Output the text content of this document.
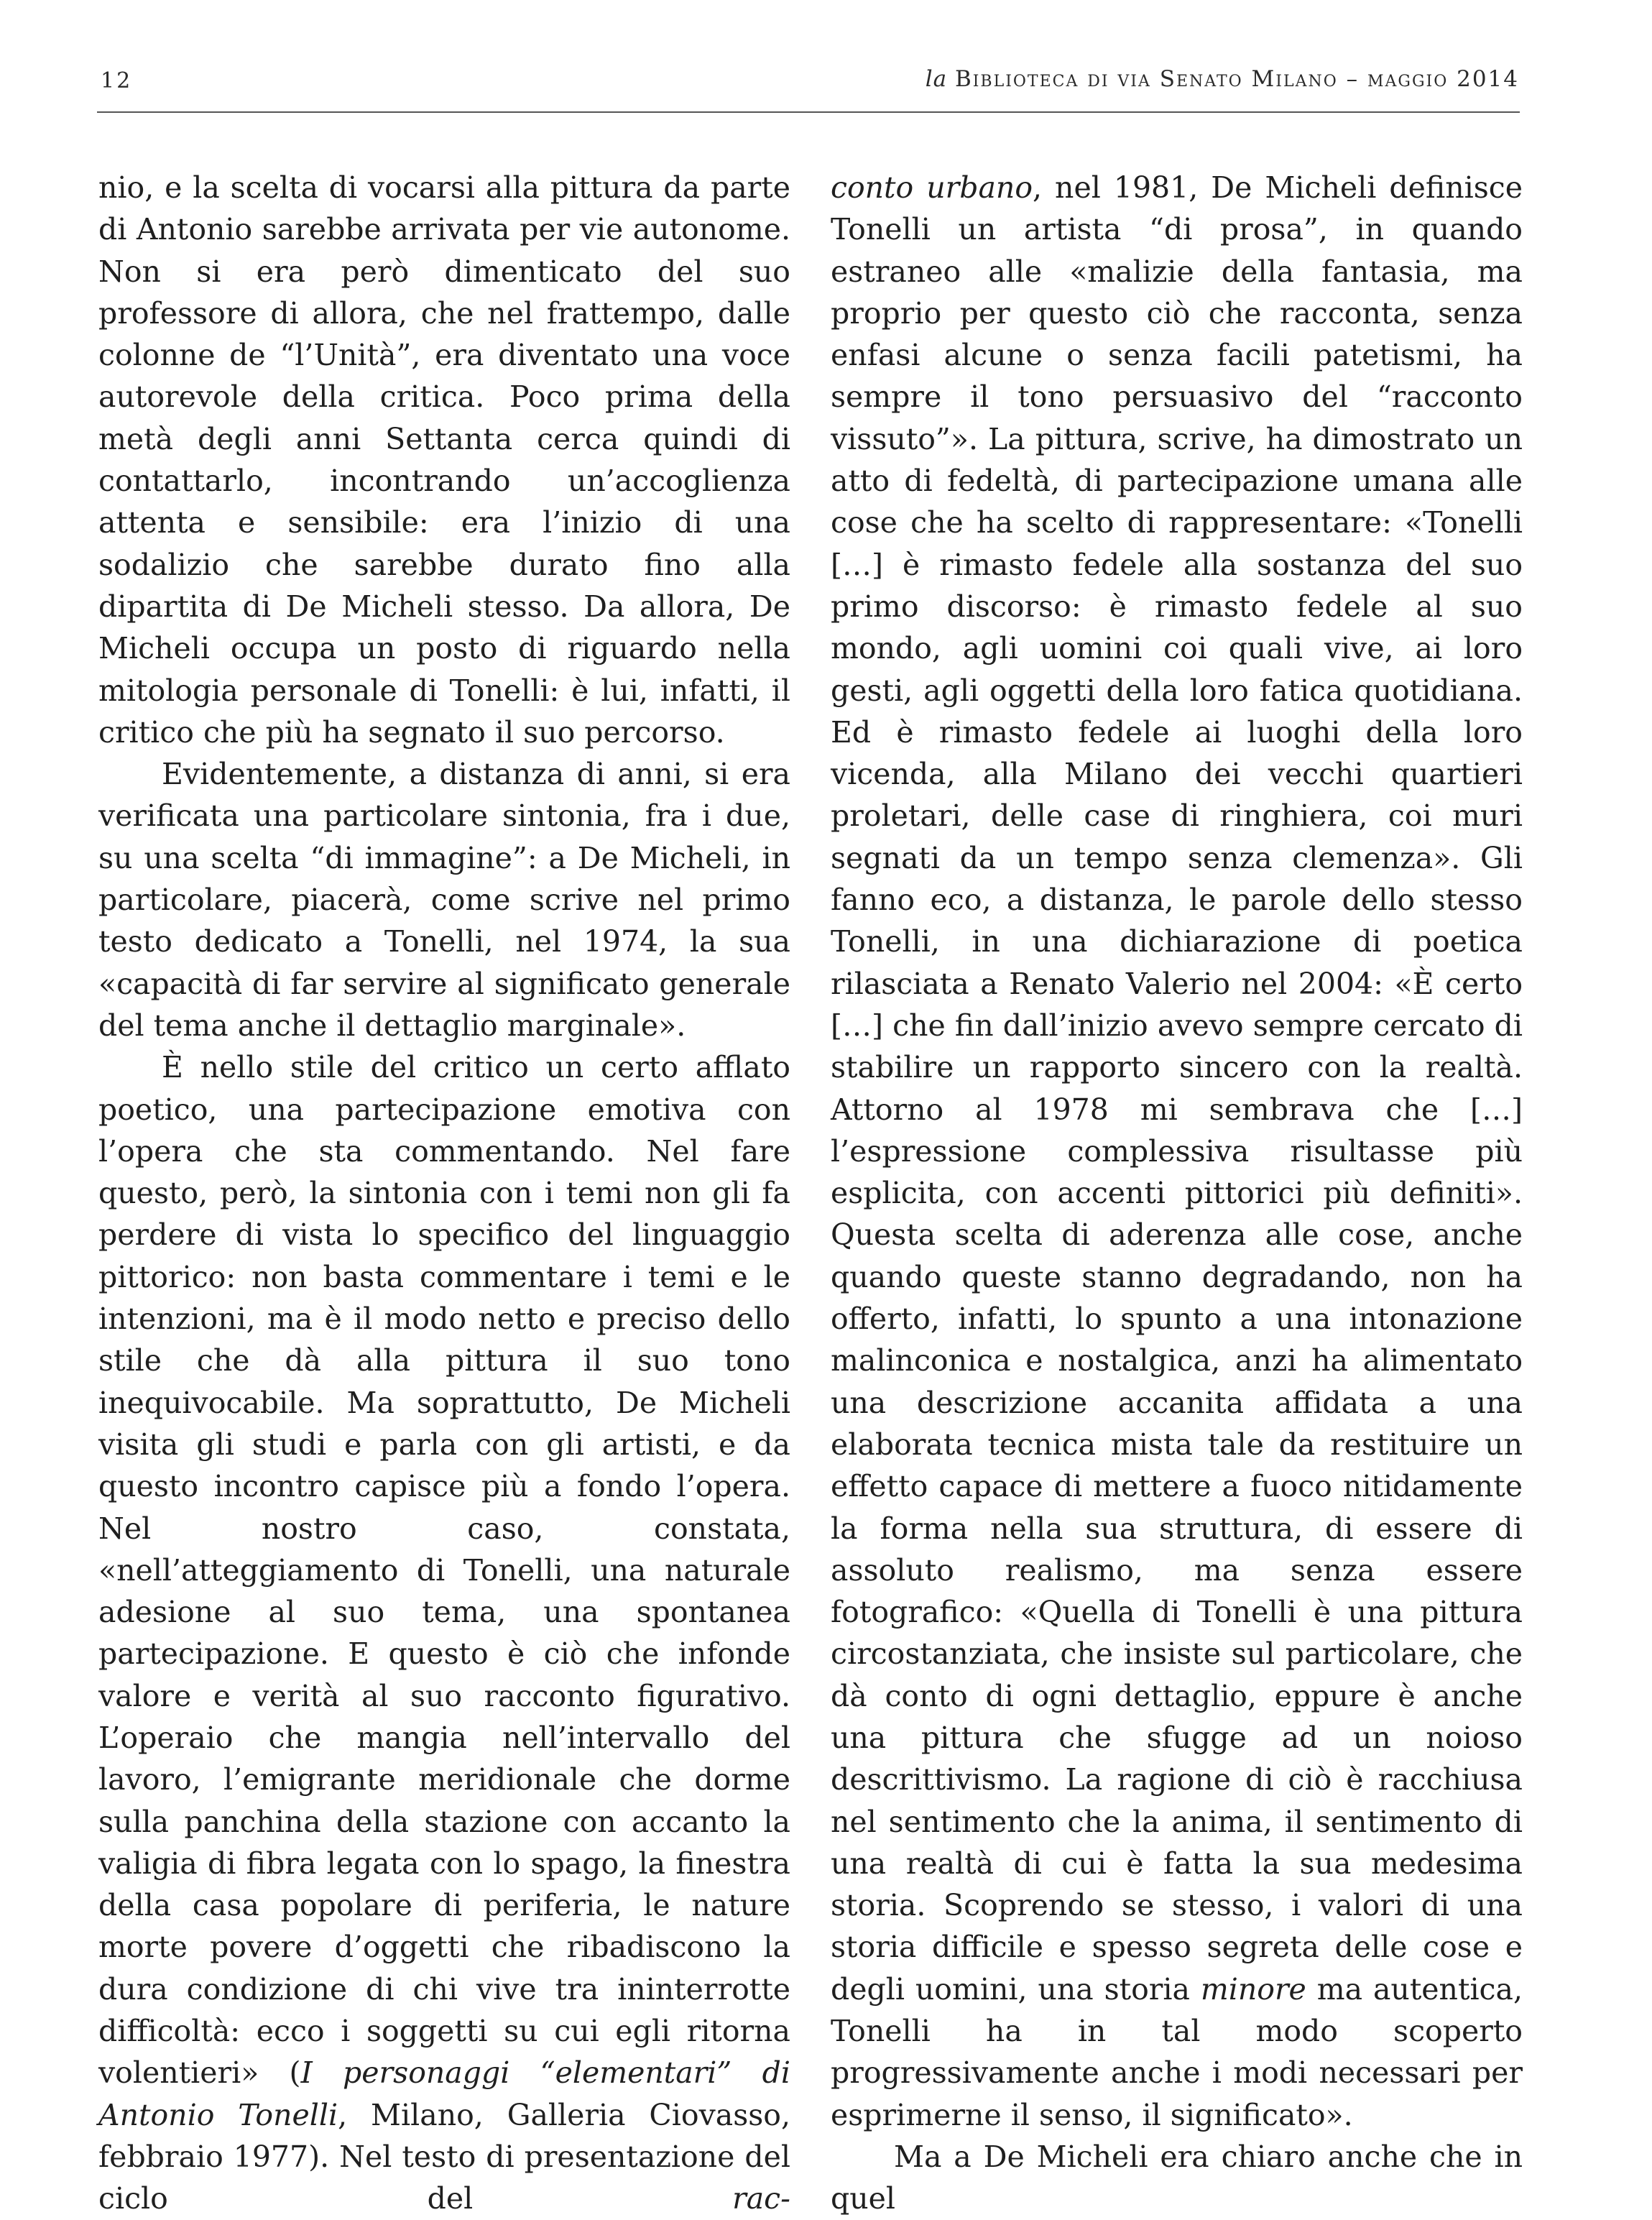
12	la Biblioteca di via Senato Milano – maggio 2014

nio, e la scelta di vocarsi alla pittura da parte di Antonio sarebbe arrivata per vie autonome. Non si era però dimenticato del suo professore di allora, che nel frattempo, dalle colonne de “l’Unità”, era diventato una voce autorevole della critica. Poco prima della metà degli anni Settanta cerca quindi di contattarlo, incontrando un’accoglienza attenta e sensibile: era l’inizio di una sodalizio che sarebbe durato fino alla dipartita di De Micheli stesso. Da allora, De Micheli occupa un posto di riguardo nella mitologia personale di Tonelli: è lui, infatti, il critico che più ha segnato il suo percorso.

Evidentemente, a distanza di anni, si era verificata una particolare sintonia, fra i due, su una scelta “di immagine”: a De Micheli, in particolare, piacerà, come scrive nel primo testo dedicato a Tonelli, nel 1974, la sua «capacità di far servire al significato generale del tema anche il dettaglio marginale».

È nello stile del critico un certo afflato poetico, una partecipazione emotiva con l’opera che sta commentando. Nel fare questo, però, la sintonia con i temi non gli fa perdere di vista lo specifico del linguaggio pittorico: non basta commentare i temi e le intenzioni, ma è il modo netto e preciso dello stile che dà alla pittura il suo tono inequivocabile. Ma soprattutto, De Micheli visita gli studi e parla con gli artisti, e da questo incontro capisce più a fondo l’opera. Nel nostro caso, constata, «nell’atteggiamento di Tonelli, una naturale adesione al suo tema, una spontanea partecipazione. E questo è ciò che infonde valore e verità al suo racconto figurativo. L’operaio che mangia nell’intervallo del lavoro, l’emigrante meridionale che dorme sulla panchina della stazione con accanto la valigia di fibra legata con lo spago, la finestra della casa popolare di periferia, le nature morte povere d’oggetti che ribadiscono la dura condizione di chi vive tra ininterrotte difficoltà: ecco i soggetti su cui egli ritorna volentieri» (I personaggi “elementari” di Antonio Tonelli, Milano, Galleria Ciovasso, febbraio 1977). Nel testo di presentazione del ciclo del rac-

conto urbano, nel 1981, De Micheli definisce Tonelli un artista “di prosa”, in quando estraneo alle «malizie della fantasia, ma proprio per questo ciò che racconta, senza enfasi alcune o senza facili patetismi, ha sempre il tono persuasivo del “racconto vissuto”». La pittura, scrive, ha dimostrato un atto di fedeltà, di partecipazione umana alle cose che ha scelto di rappresentare: «Tonelli […] è rimasto fedele alla sostanza del suo primo discorso: è rimasto fedele al suo mondo, agli uomini coi quali vive, ai loro gesti, agli oggetti della loro fatica quotidiana. Ed è rimasto fedele ai luoghi della loro vicenda, alla Milano dei vecchi quartieri proletari, delle case di ringhiera, coi muri segnati da un tempo senza clemenza». Gli fanno eco, a distanza, le parole dello stesso Tonelli, in una dichiarazione di poetica rilasciata a Renato Valerio nel 2004: «È certo […] che fin dall’inizio avevo sempre cercato di stabilire un rapporto sincero con la realtà. Attorno al 1978 mi sembrava che […] l’espressione complessiva risultasse più esplicita, con accenti pittorici più definiti». Questa scelta di aderenza alle cose, anche quando queste stanno degradando, non ha offerto, infatti, lo spunto a una intonazione malinconica e nostalgica, anzi ha alimentato una descrizione accanita affidata a una elaborata tecnica mista tale da restituire un effetto capace di mettere a fuoco nitidamente la forma nella sua struttura, di essere di assoluto realismo, ma senza essere fotografico: «Quella di Tonelli è una pittura circostanziata, che insiste sul particolare, che dà conto di ogni dettaglio, eppure è anche una pittura che sfugge ad un noioso descrittivismo. La ragione di ciò è racchiusa nel sentimento che la anima, il sentimento di una realtà di cui è fatta la sua medesima storia. Scoprendo se stesso, i valori di una storia difficile e spesso segreta delle cose e degli uomini, una storia minore ma autentica, Tonelli ha in tal modo scoperto progressivamente anche i modi necessari per esprimerne il senso, il significato».

Ma a De Micheli era chiaro anche che in quel
